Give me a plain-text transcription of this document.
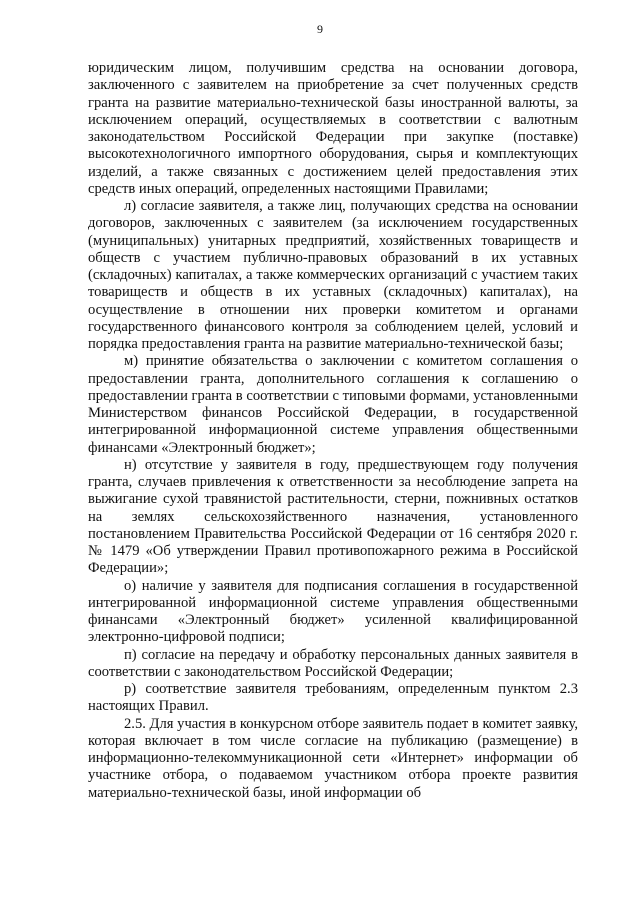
9

юридическим лицом, получившим средства на основании договора, заключенного с заявителем на приобретение за счет полученных средств гранта на развитие материально-технической базы иностранной валюты, за исключением операций, осуществляемых в соответствии с валютным законодательством Российской Федерации при закупке (поставке) высокотехнологичного импортного оборудования, сырья и комплектующих изделий, а также связанных с достижением целей предоставления этих средств иных операций, определенных настоящими Правилами;

л) согласие заявителя, а также лиц, получающих средства на основании договоров, заключенных с заявителем (за исключением государственных (муниципальных) унитарных предприятий, хозяйственных товариществ и обществ с участием публично-правовых образований в их уставных (складочных) капиталах, а также коммерческих организаций с участием таких товариществ и обществ в их уставных (складочных) капиталах), на осуществление в отношении них проверки комитетом и органами государственного финансового контроля за соблюдением целей, условий и порядка предоставления гранта на развитие материально-технической базы;

м) принятие обязательства о заключении с комитетом соглашения о предоставлении гранта, дополнительного соглашения к соглашению о предоставлении гранта в соответствии с типовыми формами, установленными Министерством финансов Российской Федерации, в государственной интегрированной информационной системе управления общественными финансами «Электронный бюджет»;

н) отсутствие у заявителя в году, предшествующем году получения гранта, случаев привлечения к ответственности за несоблюдение запрета на выжигание сухой травянистой растительности, стерни, пожнивных остатков на землях сельскохозяйственного назначения, установленного постановлением Правительства Российской Федерации от 16 сентября 2020 г. № 1479 «Об утверждении Правил противопожарного режима в Российской Федерации»;

о) наличие у заявителя для подписания соглашения в государственной интегрированной информационной системе управления общественными финансами «Электронный бюджет» усиленной квалифицированной электронно-цифровой подписи;

п) согласие на передачу и обработку персональных данных заявителя в соответствии с законодательством Российской Федерации;

р) соответствие заявителя требованиям, определенным пунктом 2.3 настоящих Правил.

2.5. Для участия в конкурсном отборе заявитель подает в комитет заявку, которая включает в том числе согласие на публикацию (размещение) в информационно-телекоммуникационной сети «Интернет» информации об участнике отбора, о подаваемом участником отбора проекте развития материально-технической базы, иной информации об
